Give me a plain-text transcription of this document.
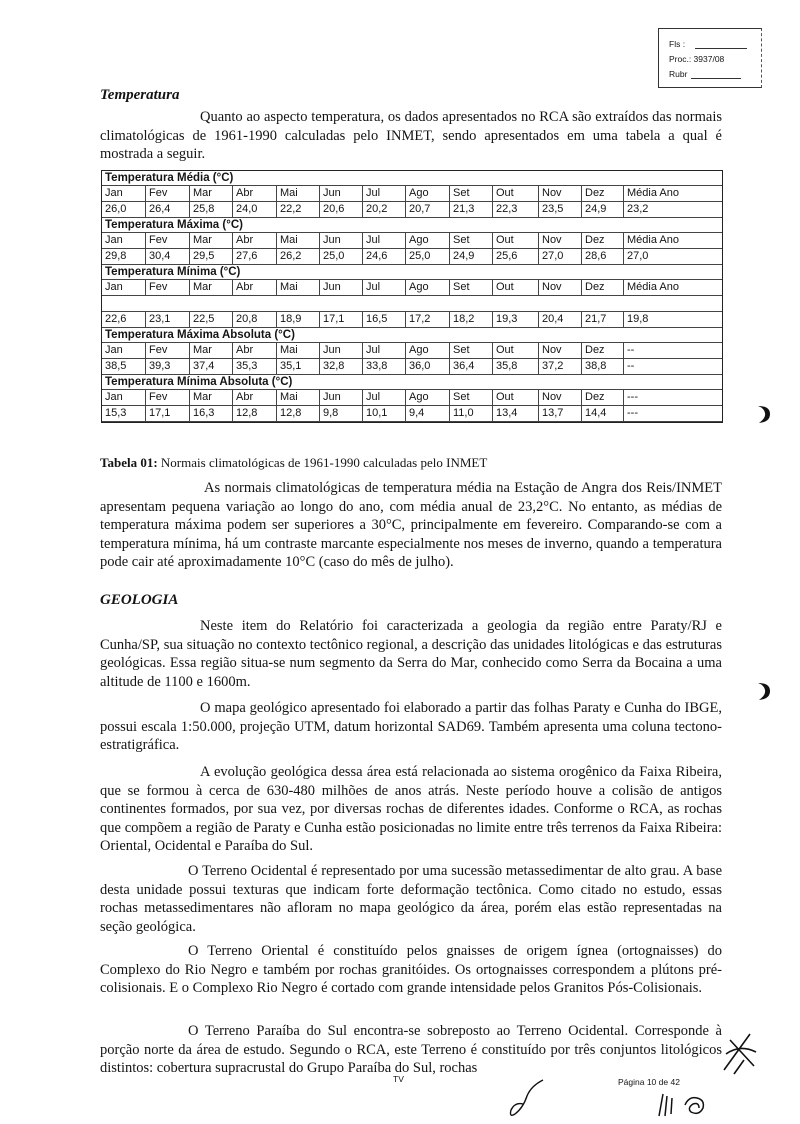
Fls :
Proc.: 3937/08
Rubr
Temperatura
Quanto ao aspecto temperatura, os dados apresentados no RCA são extraídos das normais climatológicas de 1961-1990 calculadas pelo INMET, sendo apresentados em uma tabela a qual é mostrada a seguir.
Temperatura Média (°C)
Jan	Fev	Mar	Abr	Mai	Jun	Jul	Ago	Set	Out	Nov	Dez	Média Ano
26,0	26,4	25,8	24,0	22,2	20,6	20,2	20,7	21,3	22,3	23,5	24,9	23,2
Temperatura Máxima (°C)
Jan	Fev	Mar	Abr	Mai	Jun	Jul	Ago	Set	Out	Nov	Dez	Média Ano
29,8	30,4	29,5	27,6	26,2	25,0	24,6	25,0	24,9	25,6	27,0	28,6	27,0
Temperatura Mínima (°C)
Jan	Fev	Mar	Abr	Mai	Jun	Jul	Ago	Set	Out	Nov	Dez	Média Ano
22,6	23,1	22,5	20,8	18,9	17,1	16,5	17,2	18,2	19,3	20,4	21,7	19,8
Temperatura Máxima Absoluta (°C)
Jan	Fev	Mar	Abr	Mai	Jun	Jul	Ago	Set	Out	Nov	Dez	--
38,5	39,3	37,4	35,3	35,1	32,8	33,8	36,0	36,4	35,8	37,2	38,8	--
Temperatura Mínima Absoluta (°C)
Jan	Fev	Mar	Abr	Mai	Jun	Jul	Ago	Set	Out	Nov	Dez	---
15,3	17,1	16,3	12,8	12,8	9,8	10,1	9,4	11,0	13,4	13,7	14,4	---
Tabela 01: Normais climatológicas de 1961-1990 calculadas pelo INMET
As normais climatológicas de temperatura média na Estação de Angra dos Reis/INMET apresentam pequena variação ao longo do ano, com média anual de 23,2°C. No entanto, as médias de temperatura máxima podem ser superiores a 30°C, principalmente em fevereiro. Comparando-se com a temperatura mínima, há um contraste marcante especialmente nos meses de inverno, quando a temperatura pode cair até aproximadamente 10°C (caso do mês de julho).
GEOLOGIA
Neste item do Relatório foi caracterizada a geologia da região entre Paraty/RJ e Cunha/SP, sua situação no contexto tectônico regional, a descrição das unidades litológicas e das estruturas geológicas. Essa região situa-se num segmento da Serra do Mar, conhecido como Serra da Bocaina a uma altitude de 1100 e 1600m.
O mapa geológico apresentado foi elaborado a partir das folhas Paraty e Cunha do IBGE, possui escala 1:50.000, projeção UTM, datum horizontal SAD69. Também apresenta uma coluna tectono-estratigráfica.
A evolução geológica dessa área está relacionada ao sistema orogênico da Faixa Ribeira, que se formou à cerca de 630-480 milhões de anos atrás. Neste período houve a colisão de antigos continentes formados, por sua vez, por diversas rochas de diferentes idades. Conforme o RCA, as rochas que compõem a região de Paraty e Cunha estão posicionadas no limite entre três terrenos da Faixa Ribeira: Oriental, Ocidental e Paraíba do Sul.
O Terreno Ocidental é representado por uma sucessão metassedimentar de alto grau. A base desta unidade possui texturas que indicam forte deformação tectônica. Como citado no estudo, essas rochas metassedimentares não afloram no mapa geológico da área, porém elas estão representadas na seção geológica.
O Terreno Oriental é constituído pelos gnaisses de origem ígnea (ortognaisses) do Complexo do Rio Negro e também por rochas granitóides. Os ortognaisses correspondem a plútons pré-colisionais. E o Complexo Rio Negro é cortado com grande intensidade pelos Granitos Pós-Colisionais.
O Terreno Paraíba do Sul encontra-se sobreposto ao Terreno Ocidental. Corresponde à porção norte da área de estudo. Segundo o RCA, este Terreno é constituído por três conjuntos litológicos distintos: cobertura supracrustal do Grupo Paraíba do Sul, rochas
TV	Página 10 de 42
